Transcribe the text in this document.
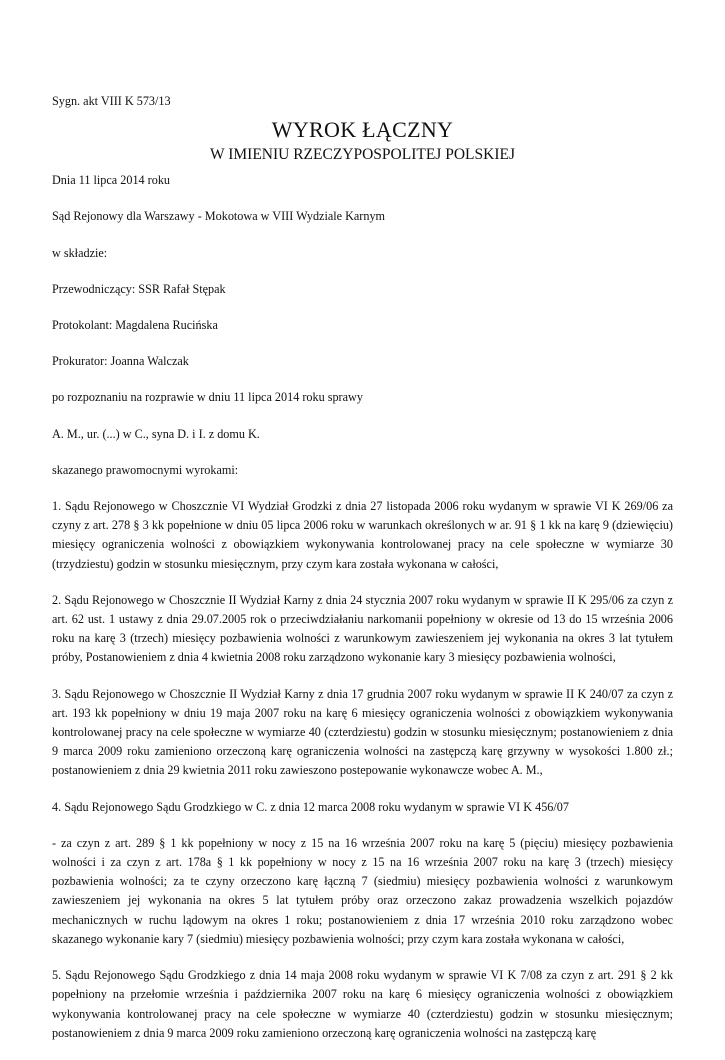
Sygn. akt VIII K 573/13
WYROK ŁĄCZNY
W IMIENIU RZECZYPOSPOLITEJ POLSKIEJ
Dnia 11 lipca 2014 roku
Sąd Rejonowy dla Warszawy - Mokotowa w VIII Wydziale Karnym
w składzie:
Przewodniczący: SSR Rafał Stępak
Protokolant: Magdalena Rucińska
Prokurator: Joanna Walczak
po rozpoznaniu na rozprawie w dniu 11 lipca 2014 roku sprawy
A. M., ur. (...) w C., syna D. i I. z domu K.
skazanego prawomocnymi wyrokami:
1. Sądu Rejonowego w Choszcznie VI Wydział Grodzki z dnia 27 listopada 2006 roku wydanym w sprawie VI K 269/06 za czyny z art. 278 § 3 kk popełnione w dniu 05 lipca 2006 roku w warunkach określonych w ar. 91 § 1 kk na karę 9 (dziewięciu) miesięcy ograniczenia wolności z obowiązkiem wykonywania kontrolowanej pracy na cele społeczne w wymiarze 30 (trzydziestu) godzin w stosunku miesięcznym, przy czym kara została wykonana w całości,
2. Sądu Rejonowego w Choszcznie II Wydział Karny z dnia 24 stycznia 2007 roku wydanym w sprawie II K 295/06 za czyn z art. 62 ust. 1 ustawy z dnia 29.07.2005 rok o przeciwdziałaniu narkomanii popełniony w okresie od 13 do 15 września 2006 roku na karę 3 (trzech) miesięcy pozbawienia wolności z warunkowym zawieszeniem jej wykonania na okres 3 lat tytułem próby, Postanowieniem z dnia 4 kwietnia 2008 roku zarządzono wykonanie kary 3 miesięcy pozbawienia wolności,
3. Sądu Rejonowego w Choszcznie II Wydział Karny z dnia 17 grudnia 2007 roku wydanym w sprawie II K 240/07 za czyn z art. 193 kk popełniony w dniu 19 maja 2007 roku na karę 6 miesięcy ograniczenia wolności z obowiązkiem wykonywania kontrolowanej pracy na cele społeczne w wymiarze 40 (czterdziestu) godzin w stosunku miesięcznym; postanowieniem z dnia 9 marca 2009 roku zamieniono orzeczoną karę ograniczenia wolności na zastępczą karę grzywny w wysokości 1.800 zł.; postanowieniem z dnia 29 kwietnia 2011 roku zawieszono postepowanie wykonawcze wobec A. M.,
4. Sądu Rejonowego Sądu Grodzkiego w C. z dnia 12 marca 2008 roku wydanym w sprawie VI K 456/07
- za czyn z art. 289 § 1 kk popełniony w nocy z 15 na 16 września 2007 roku na karę 5 (pięciu) miesięcy pozbawienia wolności i za czyn z art. 178a § 1 kk popełniony w nocy z 15 na 16 września 2007 roku na karę 3 (trzech) miesięcy pozbawienia wolności; za te czyny orzeczono karę łączną 7 (siedmiu) miesięcy pozbawienia wolności z warunkowym zawieszeniem jej wykonania na okres 5 lat tytułem próby oraz orzeczono zakaz prowadzenia wszelkich pojazdów mechanicznych w ruchu lądowym na okres 1 roku; postanowieniem z dnia 17 września 2010 roku zarządzono wobec skazanego wykonanie kary 7 (siedmiu) miesięcy pozbawienia wolności; przy czym kara została wykonana w całości,
5. Sądu Rejonowego Sądu Grodzkiego z dnia 14 maja 2008 roku wydanym w sprawie VI K 7/08 za czyn z art. 291 § 2 kk popełniony na przełomie września i października 2007 roku na karę 6 miesięcy ograniczenia wolności z obowiązkiem wykonywania kontrolowanej pracy na cele społeczne w wymiarze 40 (czterdziestu) godzin w stosunku miesięcznym; postanowieniem z dnia 9 marca 2009 roku zamieniono orzeczoną karę ograniczenia wolności na zastępczą karę
